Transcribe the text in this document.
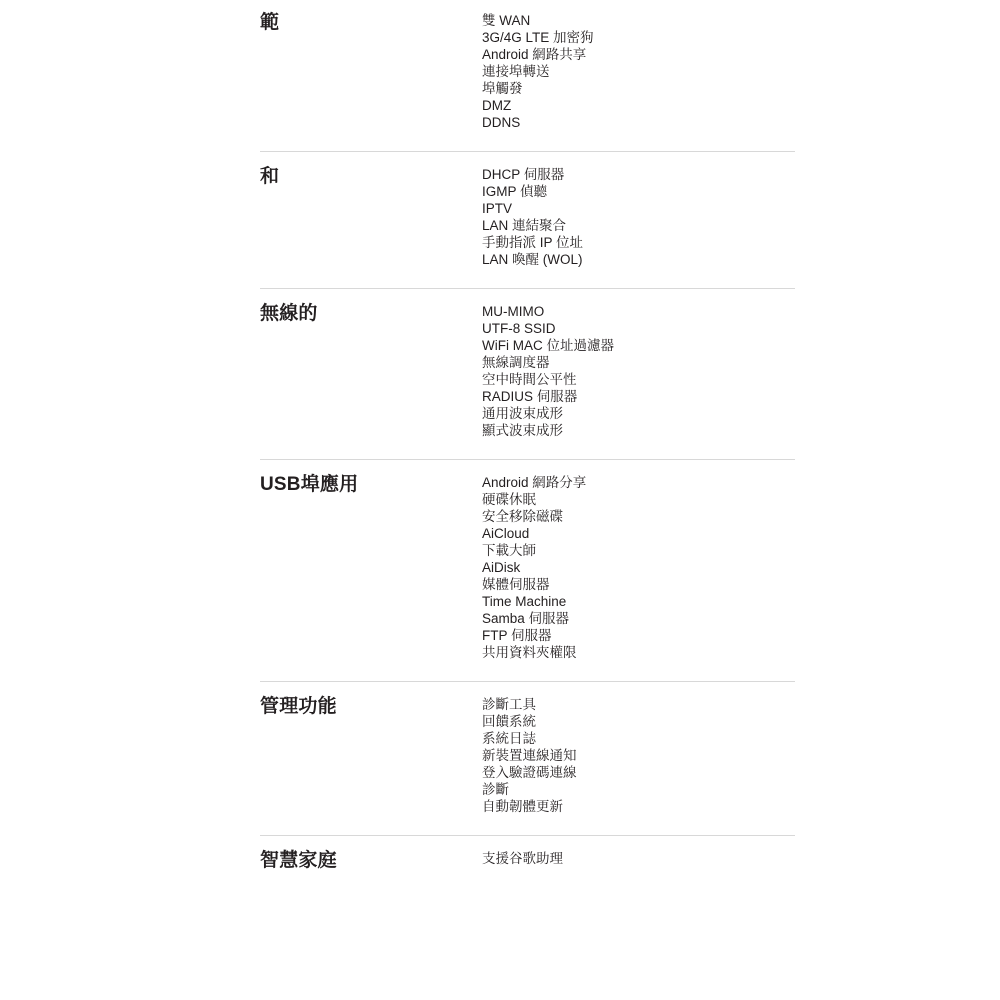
範	雙 WAN
3G/4G LTE 加密狗
Android 網路共享
連接埠轉送
埠觸發
DMZ
DDNS
和	DHCP 伺服器
IGMP 偵聽
IPTV
LAN 連結聚合
手動指派 IP 位址
LAN 喚醒 (WOL)
無線的	MU-MIMO
UTF-8 SSID
WiFi MAC 位址過濾器
無線調度器
空中時間公平性
RADIUS 伺服器
通用波束成形
顯式波束成形
USB埠應用	Android 網路分享
硬碟休眠
安全移除磁碟
AiCloud
下載大師
AiDisk
媒體伺服器
Time Machine
Samba 伺服器
FTP 伺服器
共用資料夾權限
管理功能	診斷工具
回饋系統
系統日誌
新裝置連線通知
登入驗證碼連線
診斷
自動韌體更新
智慧家庭	支援谷歌助理
